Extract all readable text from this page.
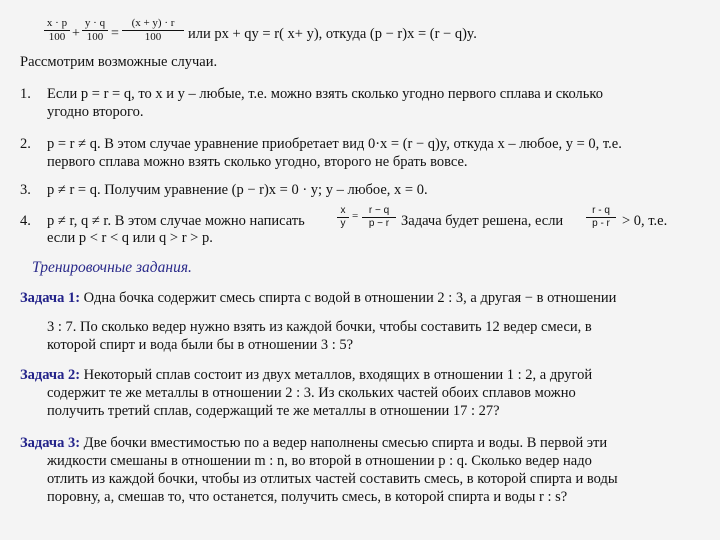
$\frac{x \cdot p}{100} + \frac{y \cdot q}{100} = \frac{(x + y) \cdot r}{100}$ или px + qy = r( x+ y), откуда (p − r)x = (r − q)y.
Рассмотрим возможные случаи.
1. Если p = r = q, то x и y – любые, т.е. можно взять сколько угодно первого сплава и сколько
угодно второго.
2. p = r ≠ q. В этом случае уравнение приобретает вид 0·x = (r − q)y, откуда x – любое, y = 0, т.е.
первого сплава можно взять сколько угодно, второго не брать вовсе.
3. p ≠ r = q. Получим уравнение (p − r)x = 0 · y; y – любое, x = 0.
4. p ≠ r, q ≠ r. В этом случае можно написать	$\frac{x}{y} = \frac{r - q}{p - r}$ Задача будет решена, если $\frac{r - q}{p - r} > 0$, т.е.
если p < r < q или q > r > p.
Тренировочные задания.
Задача 1: Одна бочка содержит смесь спирта с водой в отношении 2 : 3, а другая − в отношении
3 : 7. По сколько ведер нужно взять из каждой бочки, чтобы составить 12 ведер смеси, в
которой спирт и вода были бы в отношении 3 : 5?
Задача 2: Некоторый сплав состоит из двух металлов, входящих в отношении 1 : 2, а другой
содержит те же металлы в отношении 2 : 3. Из скольких частей обоих сплавов можно
получить третий сплав, содержащий те же металлы в отношении 17 : 27?
Задача 3: Две бочки вместимостью по a ведер наполнены смесью спирта и воды. В первой эти
жидкости смешаны в отношении m : n, во второй в отношении p : q. Сколько ведер надо
отлить из каждой бочки, чтобы из отлитых частей составить смесь, в которой спирта и воды
поровну, а, смешав то, что останется, получить смесь, в которой спирта и воды r : s?
